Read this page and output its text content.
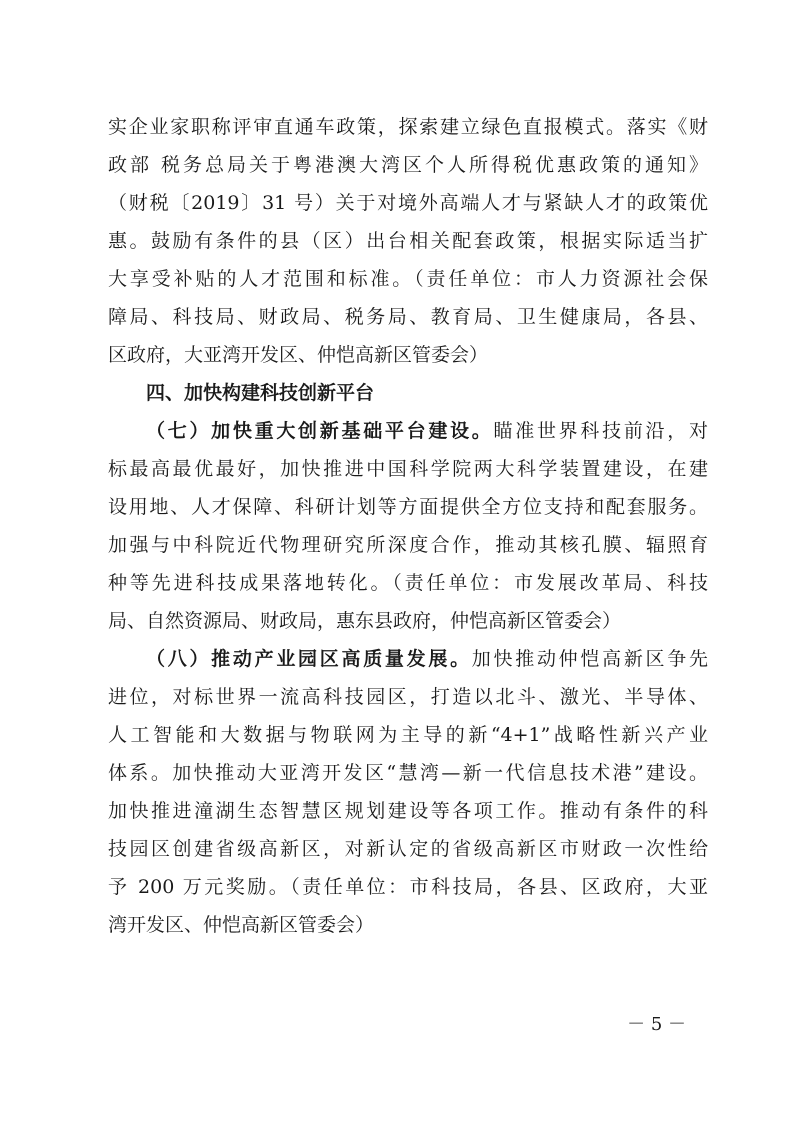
实企业家职称评审直通车政策，探索建立绿色直报模式。落实《财
政部 税务总局关于粤港澳大湾区个人所得税优惠政策的通知》
（财税〔2019〕31 号）关于对境外高端人才与紧缺人才的政策优
惠。鼓励有条件的县（区）出台相关配套政策，根据实际适当扩
大享受补贴的人才范围和标准。（责任单位：市人力资源社会保
障局、科技局、财政局、税务局、教育局、卫生健康局，各县、
区政府，大亚湾开发区、仲恺高新区管委会）
四、加快构建科技创新平台
（七）加快重大创新基础平台建设。瞄准世界科技前沿，对
标最高最优最好，加快推进中国科学院两大科学装置建设，在建
设用地、人才保障、科研计划等方面提供全方位支持和配套服务。
加强与中科院近代物理研究所深度合作，推动其核孔膜、辐照育
种等先进科技成果落地转化。（责任单位：市发展改革局、科技
局、自然资源局、财政局，惠东县政府，仲恺高新区管委会）
（八）推动产业园区高质量发展。加快推动仲恺高新区争先
进位，对标世界一流高科技园区，打造以北斗、激光、半导体、
人工智能和大数据与物联网为主导的新“4+1”战略性新兴产业
体系。加快推动大亚湾开发区“慧湾—新一代信息技术港”建设。
加快推进潼湖生态智慧区规划建设等各项工作。推动有条件的科
技园区创建省级高新区，对新认定的省级高新区市财政一次性给
予 200 万元奖励。（责任单位：市科技局，各县、区政府，大亚
湾开发区、仲恺高新区管委会）
－ 5 －
